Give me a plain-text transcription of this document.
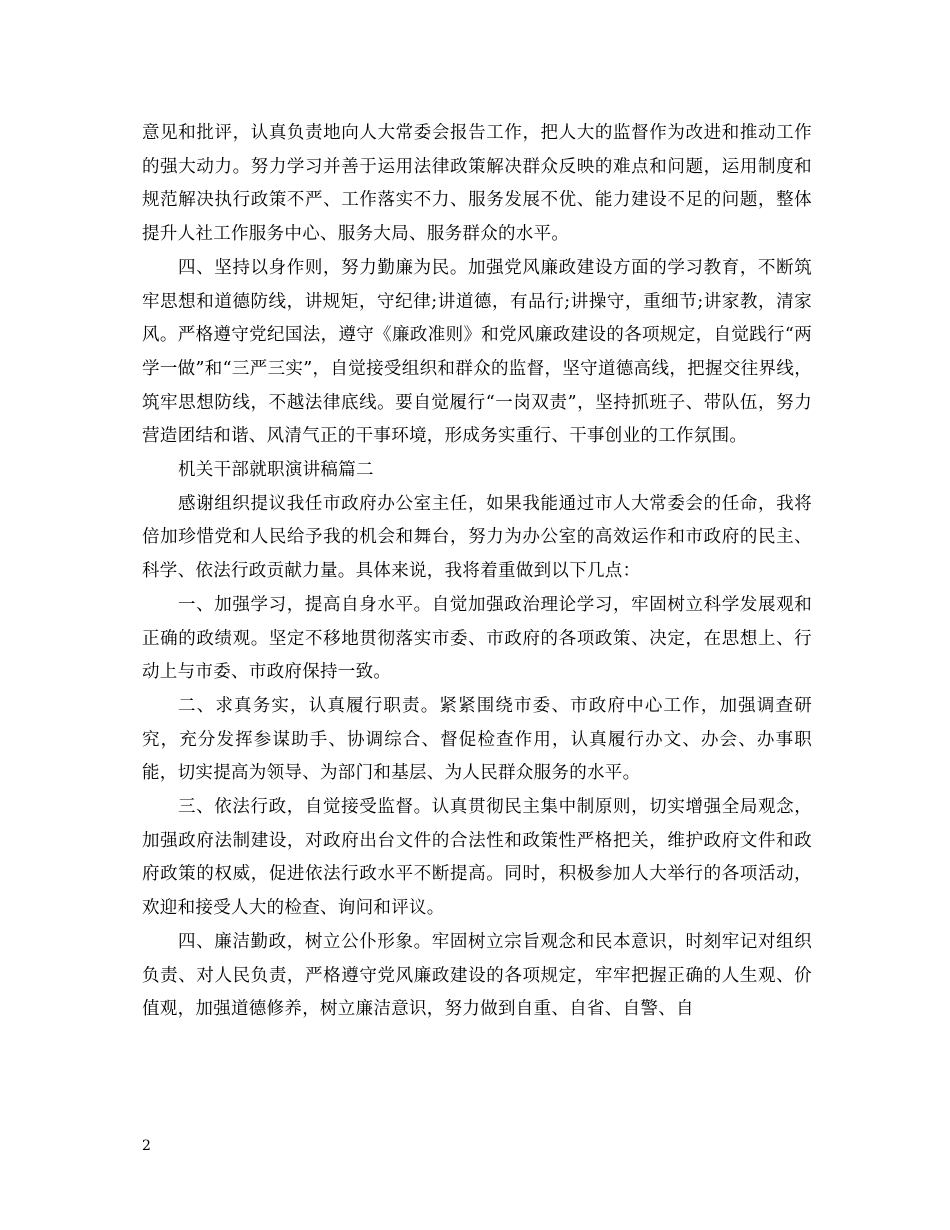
意见和批评，认真负责地向人大常委会报告工作，把人大的监督作为改进和推动工作的强大动力。努力学习并善于运用法律政策解决群众反映的难点和问题，运用制度和规范解决执行政策不严、工作落实不力、服务发展不优、能力建设不足的问题，整体提升人社工作服务中心、服务大局、服务群众的水平。

四、坚持以身作则，努力勤廉为民。加强党风廉政建设方面的学习教育，不断筑牢思想和道德防线，讲规矩，守纪律;讲道德，有品行;讲操守，重细节;讲家教，清家风。严格遵守党纪国法，遵守《廉政准则》和党风廉政建设的各项规定，自觉践行“两学一做”和“三严三实”，自觉接受组织和群众的监督，坚守道德高线，把握交往界线，筑牢思想防线，不越法律底线。要自觉履行“一岗双责”，坚持抓班子、带队伍，努力营造团结和谐、风清气正的干事环境，形成务实重行、干事创业的工作氛围。

机关干部就职演讲稿篇二

感谢组织提议我任市政府办公室主任，如果我能通过市人大常委会的任命，我将倍加珍惜党和人民给予我的机会和舞台，努力为办公室的高效运作和市政府的民主、科学、依法行政贡献力量。具体来说，我将着重做到以下几点：

一、加强学习，提高自身水平。自觉加强政治理论学习，牢固树立科学发展观和正确的政绩观。坚定不移地贯彻落实市委、市政府的各项政策、决定，在思想上、行动上与市委、市政府保持一致。

二、求真务实，认真履行职责。紧紧围绕市委、市政府中心工作，加强调查研究，充分发挥参谋助手、协调综合、督促检查作用，认真履行办文、办会、办事职能，切实提高为领导、为部门和基层、为人民群众服务的水平。

三、依法行政，自觉接受监督。认真贯彻民主集中制原则，切实增强全局观念，加强政府法制建设，对政府出台文件的合法性和政策性严格把关，维护政府文件和政府政策的权威，促进依法行政水平不断提高。同时，积极参加人大举行的各项活动，欢迎和接受人大的检查、询问和评议。

四、廉洁勤政，树立公仆形象。牢固树立宗旨观念和民本意识，时刻牢记对组织负责、对人民负责，严格遵守党风廉政建设的各项规定，牢牢把握正确的人生观、价值观，加强道德修养，树立廉洁意识，努力做到自重、自省、自警、自

2
